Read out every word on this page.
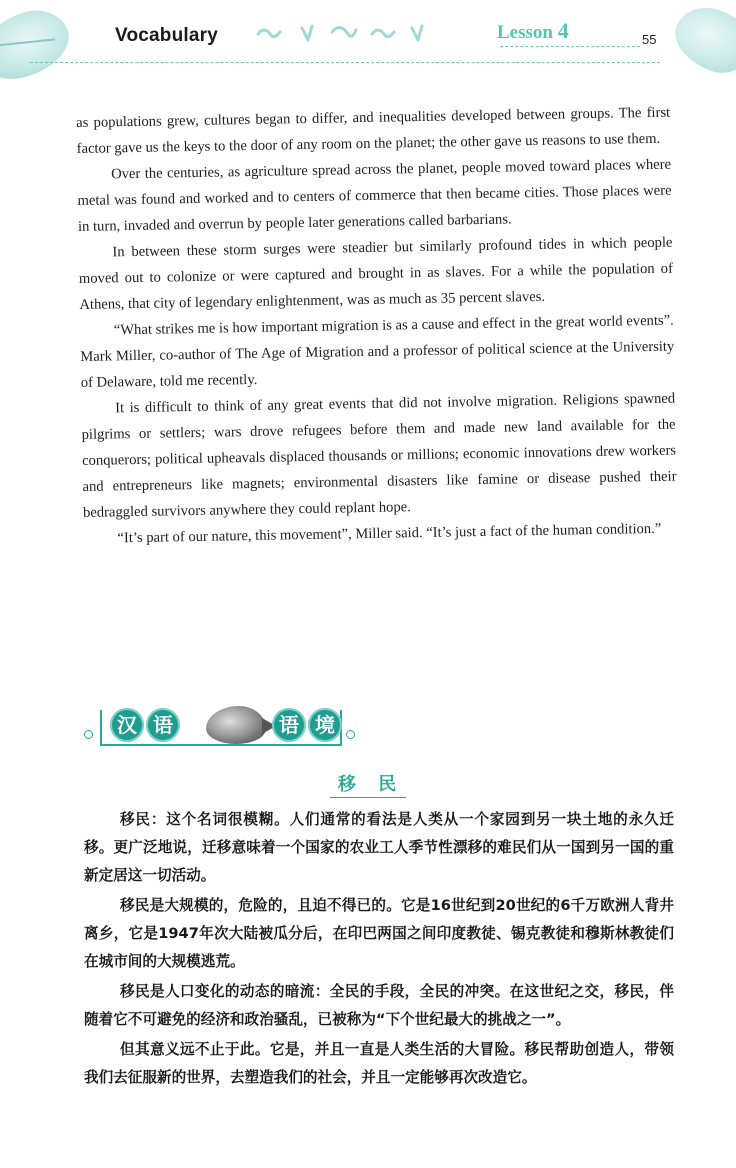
Vocabulary	Lesson 4	55

as populations grew, cultures began to differ, and inequalities developed between groups. The first factor gave us the keys to the door of any room on the planet; the other gave us reasons to use them.

Over the centuries, as agriculture spread across the planet, people moved toward places where metal was found and worked and to centers of commerce that then became cities. Those places were in turn, invaded and overrun by people later generations called barbarians.

In between these storm surges were steadier but similarly profound tides in which people moved out to colonize or were captured and brought in as slaves. For a while the population of Athens, that city of legendary enlightenment, was as much as 35 percent slaves.

“What strikes me is how important migration is as a cause and effect in the great world events”. Mark Miller, co-author of The Age of Migration and a professor of political science at the University of Delaware, told me recently.

It is difficult to think of any great events that did not involve migration. Religions spawned pilgrims or settlers; wars drove refugees before them and made new land available for the conquerors; political upheavals displaced thousands or millions; economic innovations drew workers and entrepreneurs like magnets; environmental disasters like famine or disease pushed their bedraggled survivors anywhere they could replant hope.

“It’s part of our nature, this movement”, Miller said. “It’s just a fact of the human condition.”

汉 语	语 境
移 民

移民：这个名词很模糊。人们通常的看法是人类从一个家园到另一块土地的永久迁移。更广泛地说，迁移意味着一个国家的农业工人季节性漂移的难民们从一国到另一国的重新定居这一切活动。

移民是大规模的，危险的，且迫不得已的。它是16世纪到20世纪的6千万欧洲人背井离乡，它是1947年次大陆被瓜分后，在印巴两国之间印度教徒、锡克教徒和穆斯林教徒们在城市间的大规模逃荒。

移民是人口变化的动态的暗流：全民的手段，全民的冲突。在这世纪之交，移民，伴随着它不可避免的经济和政治骚乱，已被称为“下个世纪最大的挑战之一”。

但其意义远不止于此。它是，并且一直是人类生活的大冒险。移民帮助创造人，带领我们去征服新的世界，去塑造我们的社会，并且一定能够再次改造它。
